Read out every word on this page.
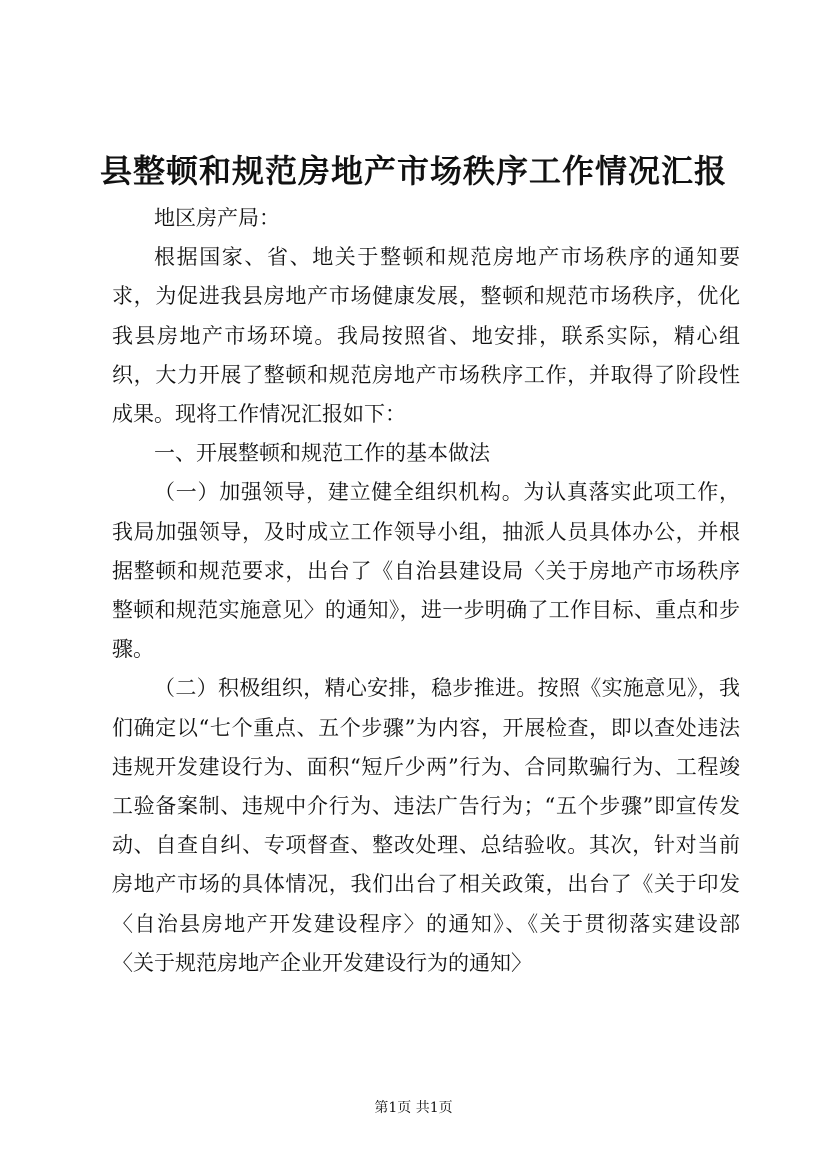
县整顿和规范房地产市场秩序工作情况汇报

地区房产局：

根据国家、省、地关于整顿和规范房地产市场秩序的通知要求，为促进我县房地产市场健康发展，整顿和规范市场秩序，优化我县房地产市场环境。我局按照省、地安排，联系实际，精心组织，大力开展了整顿和规范房地产市场秩序工作，并取得了阶段性成果。现将工作情况汇报如下：

一、开展整顿和规范工作的基本做法

（一）加强领导，建立健全组织机构。为认真落实此项工作，我局加强领导，及时成立工作领导小组，抽派人员具体办公，并根据整顿和规范要求，出台了《自治县建设局〈关于房地产市场秩序整顿和规范实施意见〉的通知》，进一步明确了工作目标、重点和步骤。

（二）积极组织，精心安排，稳步推进。按照《实施意见》，我们确定以“七个重点、五个步骤”为内容，开展检查，即以查处违法违规开发建设行为、面积“短斤少两”行为、合同欺骗行为、工程竣工验备案制、违规中介行为、违法广告行为；“五个步骤”即宣传发动、自查自纠、专项督查、整改处理、总结验收。其次，针对当前房地产市场的具体情况，我们出台了相关政策，出台了《关于印发〈自治县房地产开发建设程序〉的通知》、《关于贯彻落实建设部〈关于规范房地产企业开发建设行为的通知〉

第1页 共1页
